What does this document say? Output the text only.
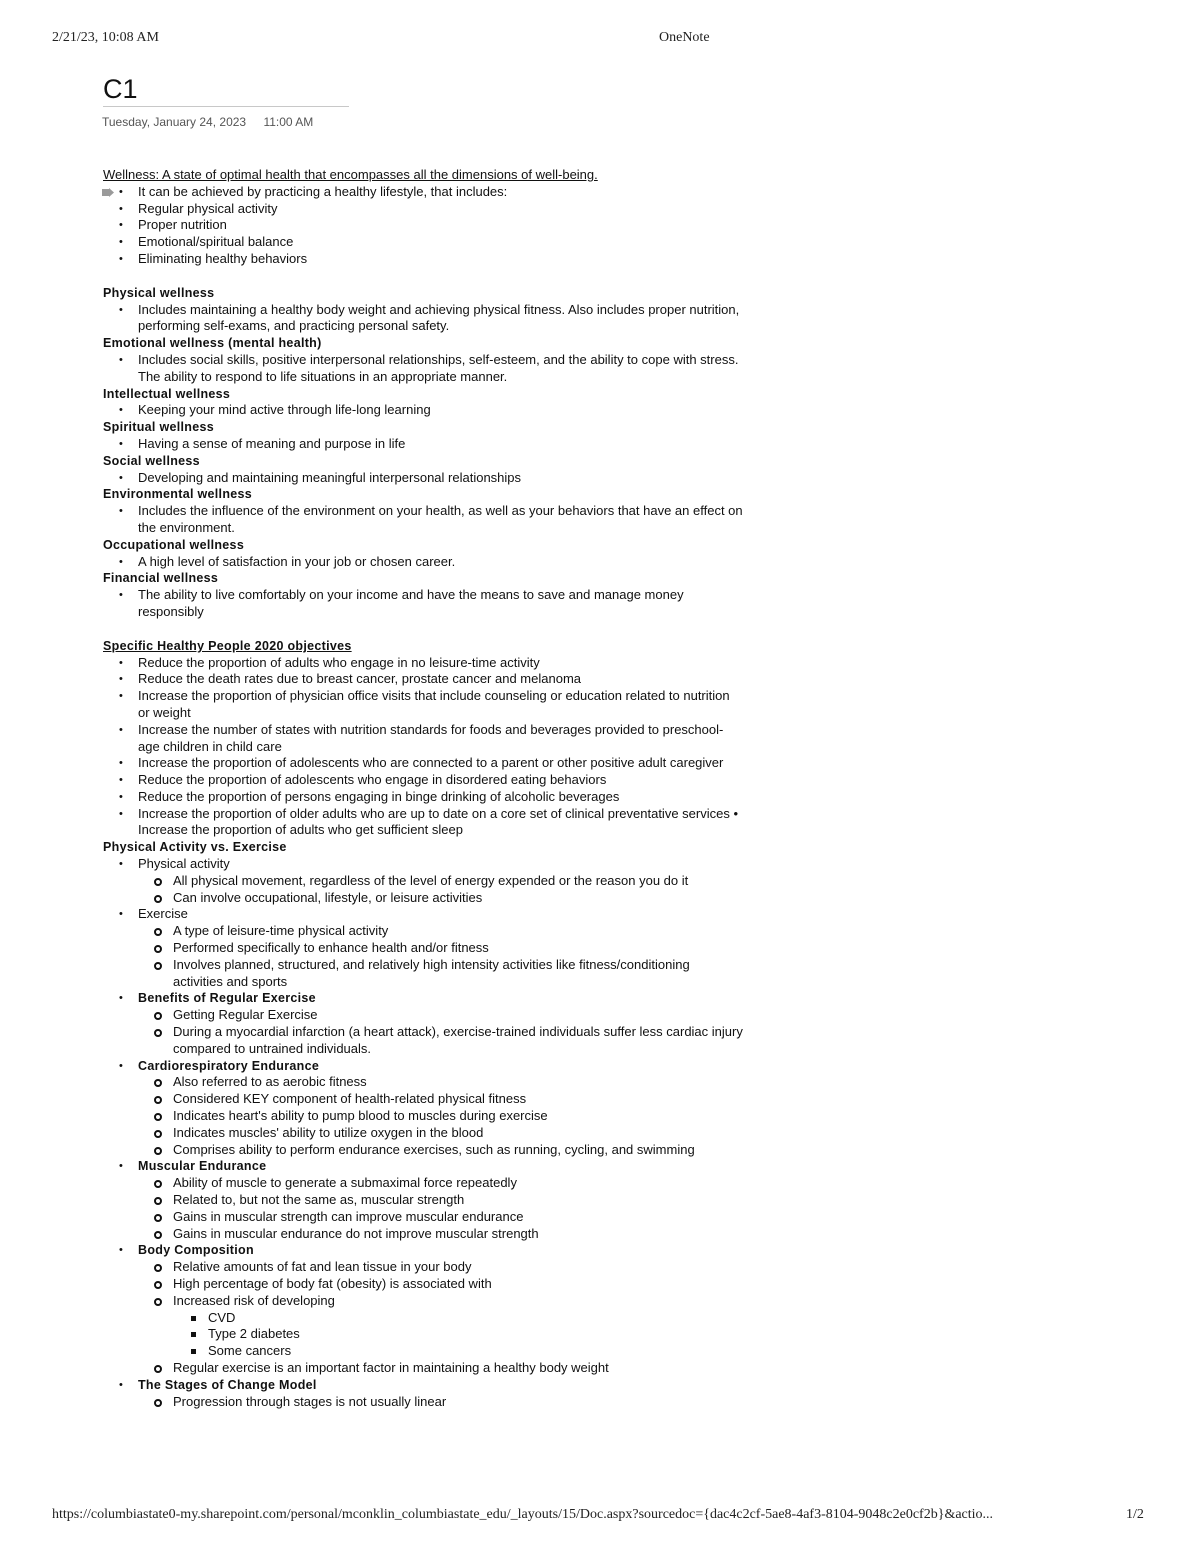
2/21/23, 10:08 AM	OneNote
C1
Tuesday, January 24, 2023 11:00 AM
Wellness: A state of optimal health that encompasses all the dimensions of well-being.
• It can be achieved by practicing a healthy lifestyle, that includes:
• Regular physical activity
• Proper nutrition
• Emotional/spiritual balance
• Eliminating healthy behaviors
Physical wellness
• Includes maintaining a healthy body weight and achieving physical fitness. Also includes proper nutrition, performing self-exams, and practicing personal safety.
Emotional wellness (mental health)
• Includes social skills, positive interpersonal relationships, self-esteem, and the ability to cope with stress. The ability to respond to life situations in an appropriate manner.
Intellectual wellness
• Keeping your mind active through life-long learning
Spiritual wellness
• Having a sense of meaning and purpose in life
Social wellness
• Developing and maintaining meaningful interpersonal relationships
Environmental wellness
• Includes the influence of the environment on your health, as well as your behaviors that have an effect on the environment.
Occupational wellness
• A high level of satisfaction in your job or chosen career.
Financial wellness
• The ability to live comfortably on your income and have the means to save and manage money responsibly
Specific Healthy People 2020 objectives
• Reduce the proportion of adults who engage in no leisure-time activity
• Reduce the death rates due to breast cancer, prostate cancer and melanoma
• Increase the proportion of physician office visits that include counseling or education related to nutrition or weight
• Increase the number of states with nutrition standards for foods and beverages provided to preschool-age children in child care
• Increase the proportion of adolescents who are connected to a parent or other positive adult caregiver
• Reduce the proportion of adolescents who engage in disordered eating behaviors
• Reduce the proportion of persons engaging in binge drinking of alcoholic beverages
• Increase the proportion of older adults who are up to date on a core set of clinical preventative services • Increase the proportion of adults who get sufficient sleep
Physical Activity vs. Exercise
• Physical activity
All physical movement, regardless of the level of energy expended or the reason you do it
Can involve occupational, lifestyle, or leisure activities
• Exercise
A type of leisure-time physical activity
Performed specifically to enhance health and/or fitness
Involves planned, structured, and relatively high intensity activities like fitness/conditioning activities and sports
• Benefits of Regular Exercise
Getting Regular Exercise
During a myocardial infarction (a heart attack), exercise-trained individuals suffer less cardiac injury compared to untrained individuals.
• Cardiorespiratory Endurance
Also referred to as aerobic fitness
Considered KEY component of health-related physical fitness
Indicates heart's ability to pump blood to muscles during exercise
Indicates muscles' ability to utilize oxygen in the blood
Comprises ability to perform endurance exercises, such as running, cycling, and swimming
• Muscular Endurance
Ability of muscle to generate a submaximal force repeatedly
Related to, but not the same as, muscular strength
Gains in muscular strength can improve muscular endurance
Gains in muscular endurance do not improve muscular strength
• Body Composition
Relative amounts of fat and lean tissue in your body
High percentage of body fat (obesity) is associated with
Increased risk of developing
CVD
Type 2 diabetes
Some cancers
Regular exercise is an important factor in maintaining a healthy body weight
• The Stages of Change Model
Progression through stages is not usually linear
https://columbiastate0-my.sharepoint.com/personal/mconklin_columbiastate_edu/_layouts/15/Doc.aspx?sourcedoc={dac4c2cf-5ae8-4af3-8104-9048c2e0cf2b}&actio...	1/2
